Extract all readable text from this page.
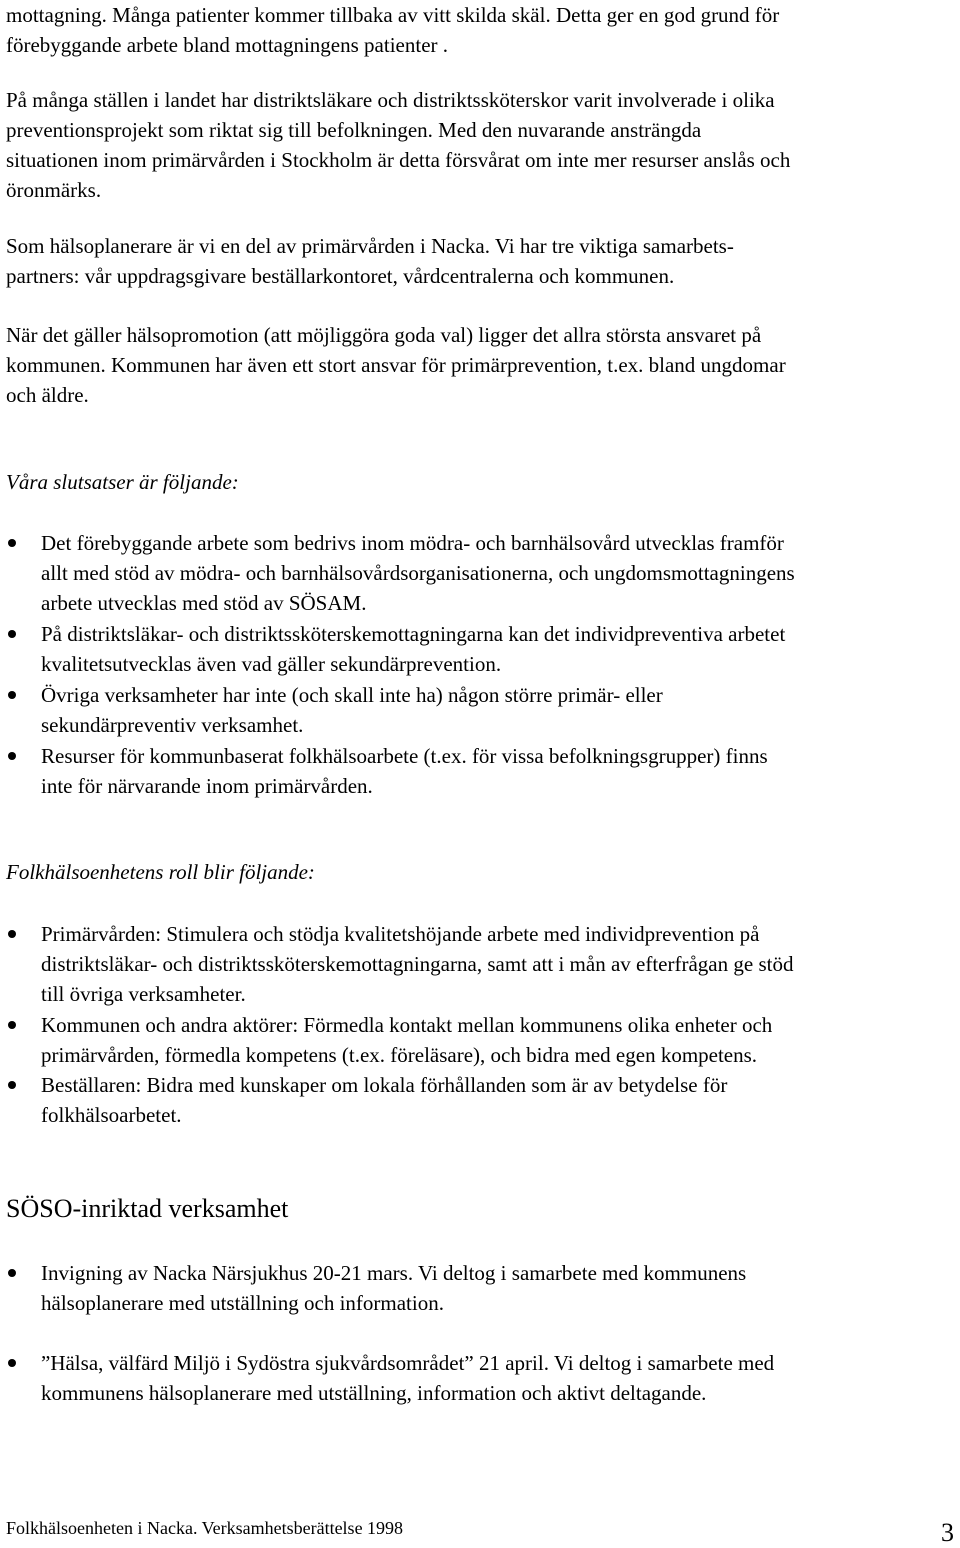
mottagning. Många patienter kommer tillbaka av vitt skilda skäl. Detta ger en god grund för
förebyggande arbete bland mottagningens patienter .
På många ställen i landet har distriktsläkare och distriktssköterskor varit involverade i olika
preventionsprojekt som riktat sig till befolkningen. Med den nuvarande ansträngda
situationen inom primärvården i Stockholm är detta försvårat om inte mer resurser anslås och
öronmärks.
Som hälsoplanerare är vi en del av primärvården i Nacka. Vi har tre viktiga samarbets-
partners: vår uppdragsgivare beställarkontoret, vårdcentralerna och kommunen.
När det gäller hälsopromotion (att möjliggöra goda val) ligger det allra största ansvaret på
kommunen. Kommunen har även ett stort ansvar för primärprevention, t.ex. bland ungdomar
och äldre.
Våra slutsatser är följande:
Det förebyggande arbete som bedrivs inom mödra- och barnhälsovård utvecklas framför
allt med stöd av mödra- och barnhälsovårdsorganisationerna, och ungdomsmottagningens
arbete utvecklas med stöd av SÖSAM.
På distriktsläkar- och distriktssköterskemottagningarna kan det individpreventiva arbetet
kvalitetsutvecklas även vad gäller sekundärprevention.
Övriga verksamheter har inte (och skall inte ha) någon större primär- eller
sekundärpreventiv verksamhet.
Resurser för kommunbaserat folkhälsoarbete (t.ex. för vissa befolkningsgrupper) finns
inte för närvarande inom primärvården.
Folkhälsoenhetens roll blir följande:
Primärvården: Stimulera och stödja kvalitetshöjande arbete med individprevention på
distriktsläkar- och distriktssköterskemottagningarna, samt att i mån av efterfrågan ge stöd
till övriga verksamheter.
Kommunen och andra aktörer: Förmedla kontakt mellan kommunens olika enheter och
primärvården, förmedla kompetens (t.ex. föreläsare), och bidra med egen kompetens.
Beställaren: Bidra med kunskaper om lokala förhållanden som är av betydelse för
folkhälsoarbetet.
SÖSO-inriktad verksamhet
Invigning av Nacka Närsjukhus 20-21 mars. Vi deltog i samarbete med kommunens
hälsoplanerare med utställning och information.
”Hälsa, välfärd Miljö i Sydöstra sjukvårdsområdet” 21 april. Vi deltog i samarbete med
kommunens hälsoplanerare med utställning, information och aktivt deltagande.
Folkhälsoenheten i Nacka. Verksamhetsberättelse 1998	3
